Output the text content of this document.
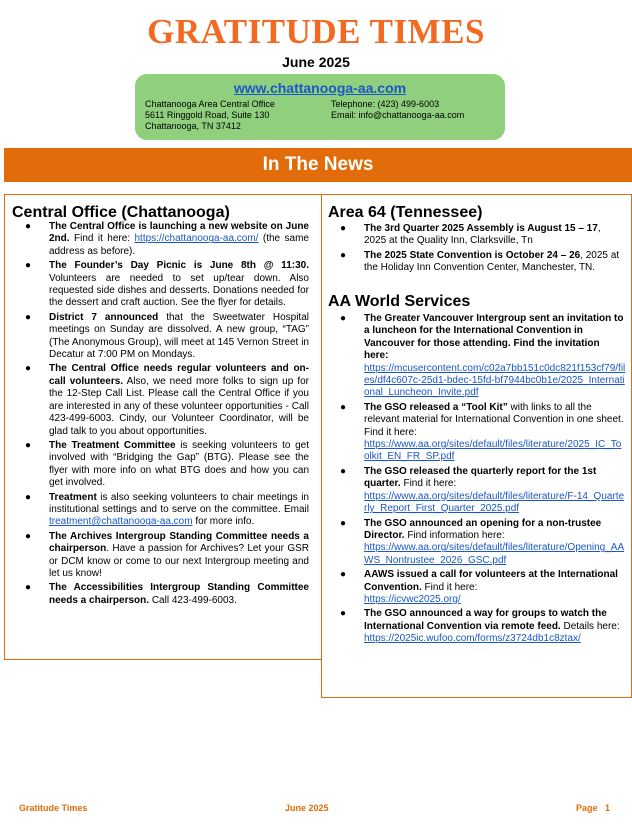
GRATITUDE TIMES
June 2025
www.chattanooga-aa.com
Chattanooga Area Central Office
5611 Ringgold Road, Suite 130
Chattanooga, TN 37412
Telephone: (423) 499-6003
Email: info@chattanooga-aa.com
In The News
Central Office (Chattanooga)
● The Central Office is launching a new website on June 2nd. Find it here: https://chattanooga-aa.com/ (the same address as before).
● The Founder’s Day Picnic is June 8th @ 11:30. Volunteers are needed to set up/tear down. Also requested side dishes and desserts. Donations needed for the dessert and craft auction. See the flyer for details.
● District 7 announced that the Sweetwater Hospital meetings on Sunday are dissolved. A new group, “TAG” (The Anonymous Group), will meet at 145 Vernon Street in Decatur at 7:00 PM on Mondays.
● The Central Office needs regular volunteers and on-call volunteers. Also, we need more folks to sign up for the 12-Step Call List. Please call the Central Office if you are interested in any of these volunteer opportunities - Call 423-499-6003. Cindy, our Volunteer Coordinator, will be glad talk to you about opportunities.
● The Treatment Committee is seeking volunteers to get involved with “Bridging the Gap” (BTG). Please see the flyer with more info on what BTG does and how you can get involved.
● Treatment is also seeking volunteers to chair meetings in institutional settings and to serve on the committee. Email treatment@chattanooga-aa.com for more info.
● The Archives Intergroup Standing Committee needs a chairperson. Have a passion for Archives? Let your GSR or DCM know or come to our next Intergroup meeting and let us know!
● The Accessibilities Intergroup Standing Committee needs a chairperson. Call 423-499-6003.
Area 64 (Tennessee)
● The 3rd Quarter 2025 Assembly is August 15 – 17, 2025 at the Quality Inn, Clarksville, Tn
● The 2025 State Convention is October 24 – 26, 2025 at the Holiday Inn Convention Center, Manchester, TN.
AA World Services
● The Greater Vancouver Intergroup sent an invitation to a luncheon for the International Convention in Vancouver for those attending. Find the invitation here:
https://mcusercontent.com/c02a7bb151c0dc821f153cf79/files/df4c607c-25d1-bdec-15fd-bf7944bc0b1e/2025_International_Luncheon_Invite.pdf
● The GSO released a “Tool Kit” with links to all the relevant material for International Convention in one sheet. Find it here:
https://www.aa.org/sites/default/files/literature/2025_IC_Toolkit_EN_FR_SP.pdf
● The GSO released the quarterly report for the 1st quarter. Find it here:
https://www.aa.org/sites/default/files/literature/F-14_Quarterly_Report_First_Quarter_2025.pdf
● The GSO announced an opening for a non-trustee Director. Find information here:
https://www.aa.org/sites/default/files/literature/Opening_AAWS_Nontrustee_2026_GSC.pdf
● AAWS issued a call for volunteers at the International Convention. Find it here:
https://icvwc2025.org/
● The GSO announced a way for groups to watch the International Convention via remote feed. Details here: https://2025ic.wufoo.com/forms/z3724db1c8ztax/
Gratitude Times	June 2025	Page   1
